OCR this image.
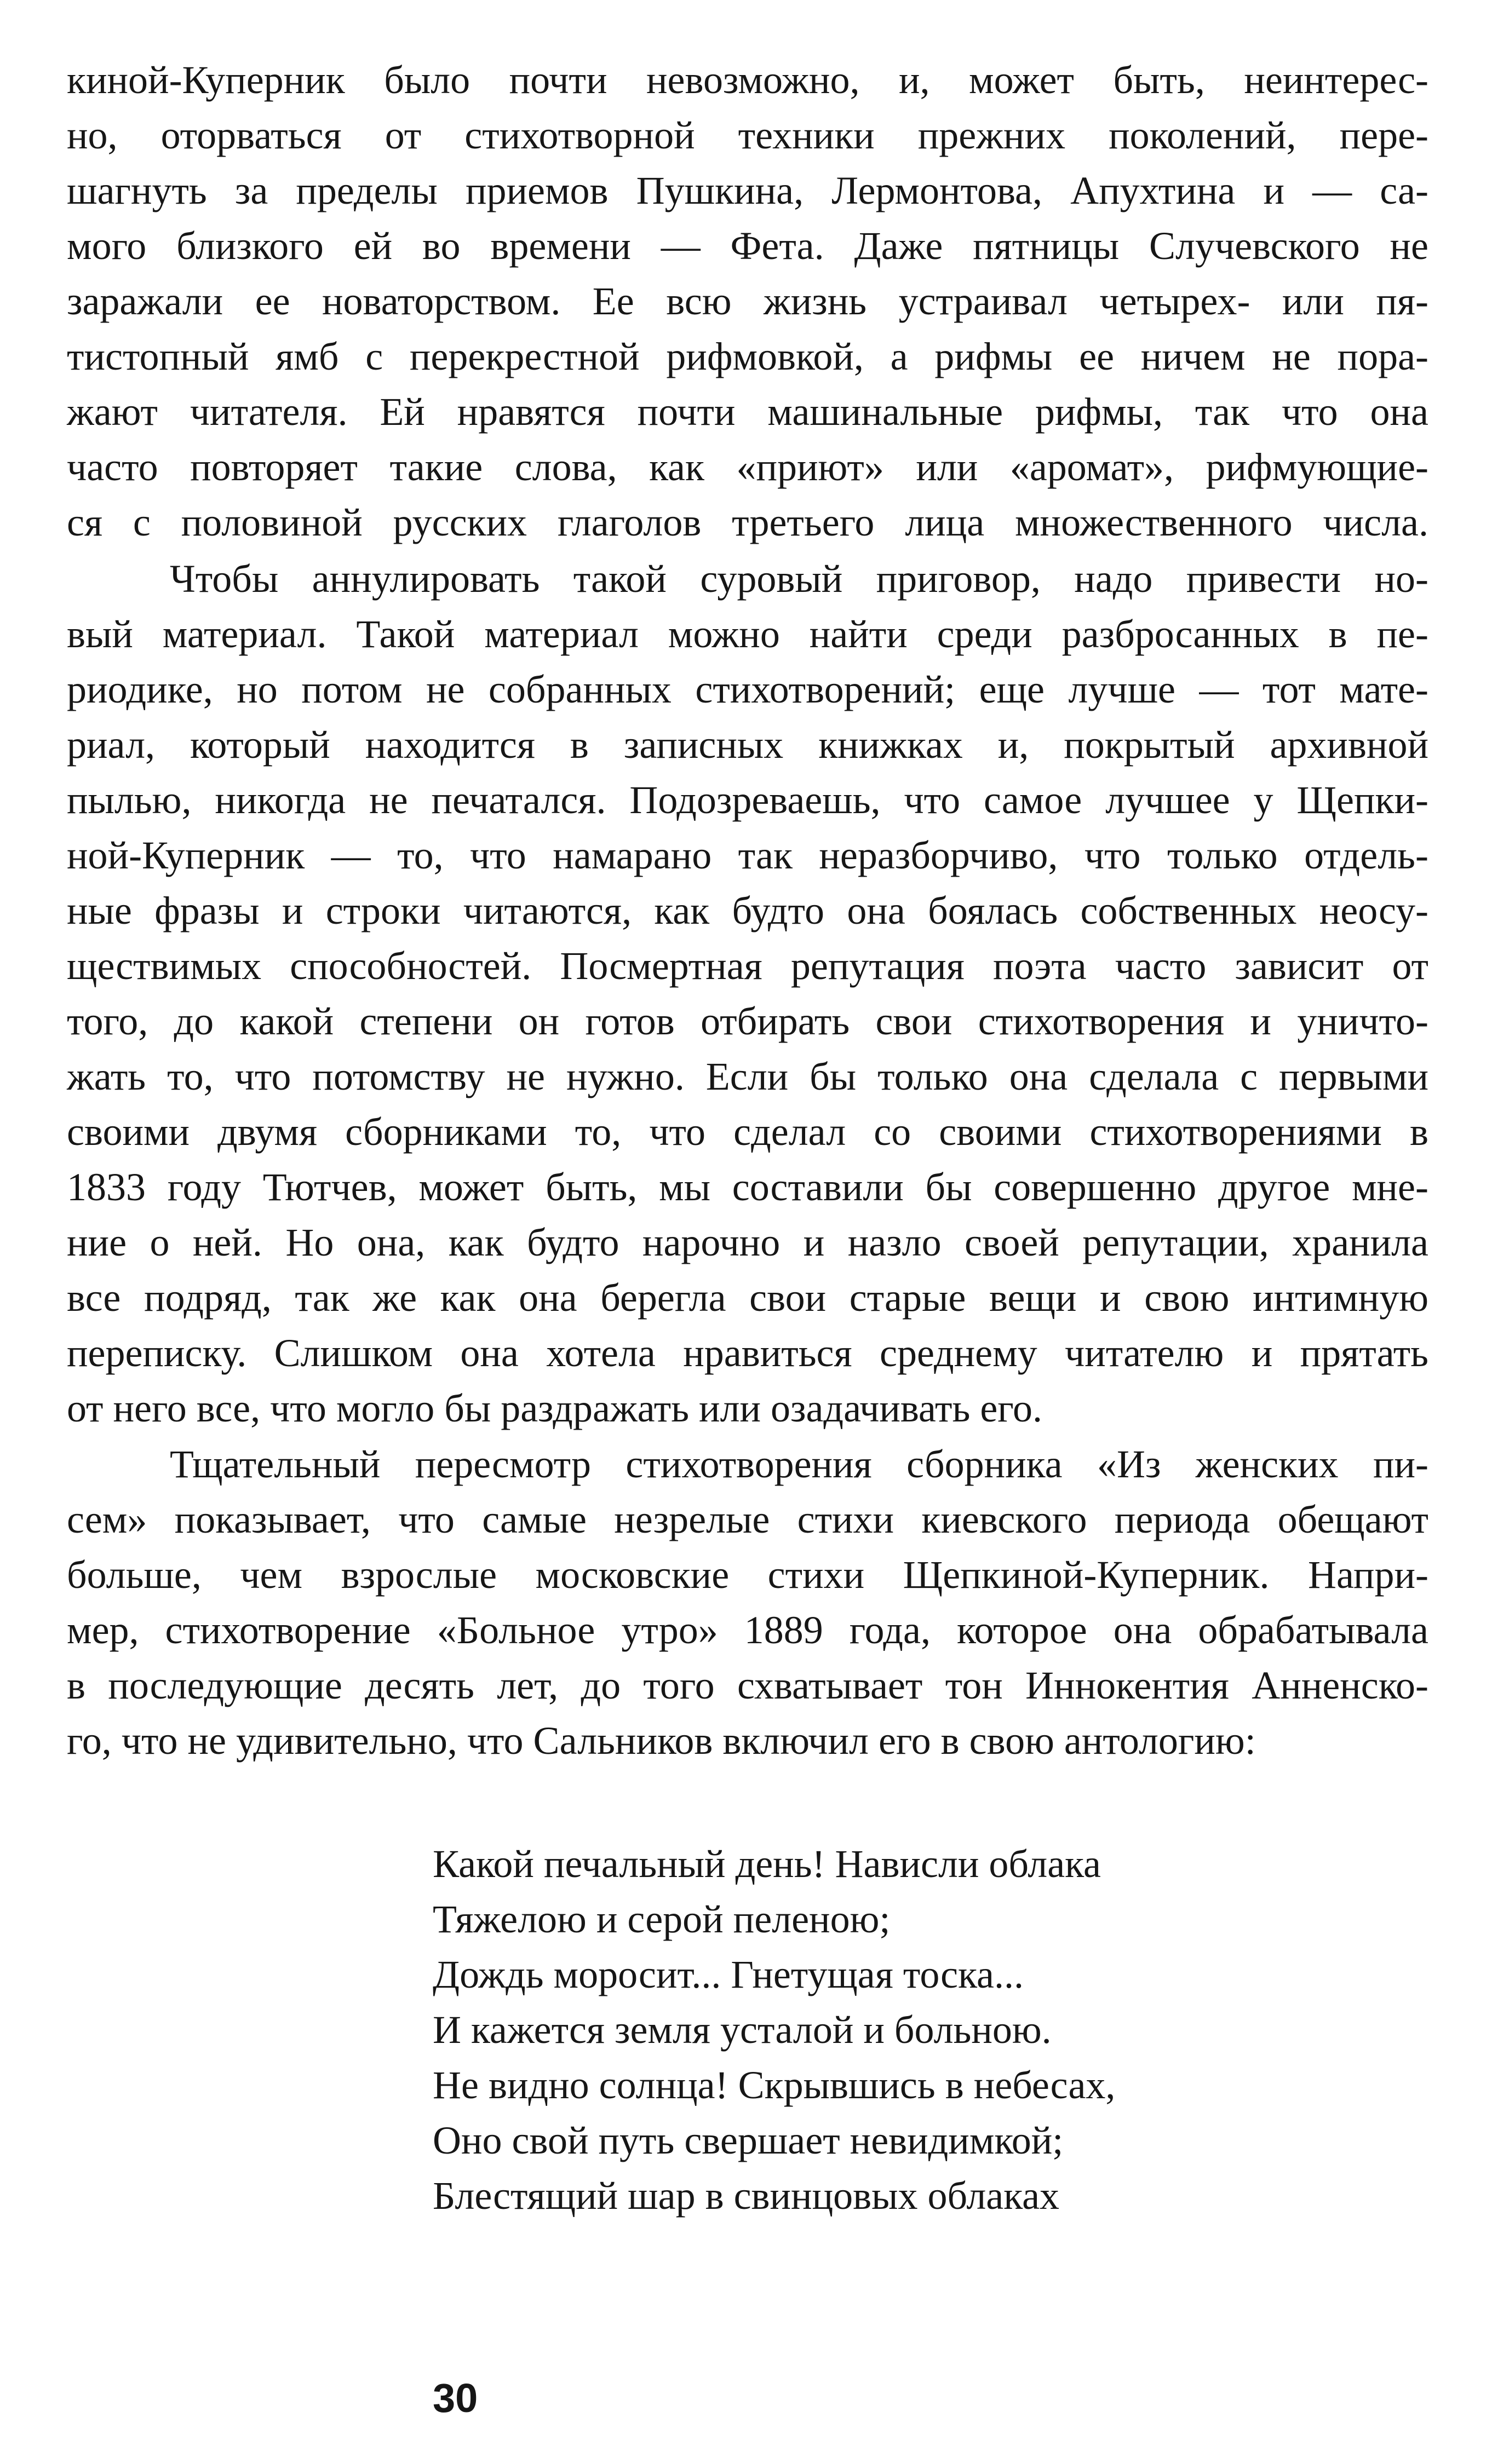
киной-Куперник было почти невозможно, и, может быть, неинтерес-
но, оторваться от стихотворной техники прежних поколений, пере-
шагнуть за пределы приемов Пушкина, Лермонтова, Апухтина и — са-
мого близкого ей во времени — Фета. Даже пятницы Случевского не
заражали ее новаторством. Ее всю жизнь устраивал четырех- или пя-
тистопный ямб с перекрестной рифмовкой, а рифмы ее ничем не пора-
жают читателя. Ей нравятся почти машинальные рифмы, так что она
часто повторяет такие слова, как «приют» или «аромат», рифмующие-
ся с половиной русских глаголов третьего лица множественного числа.
Чтобы аннулировать такой суровый приговор, надо привести но-
вый материал. Такой материал можно найти среди разбросанных в пе-
риодике, но потом не собранных стихотворений; еще лучше — тот мате-
риал, который находится в записных книжках и, покрытый архивной
пылью, никогда не печатался. Подозреваешь, что самое лучшее у Щепки-
ной-Куперник — то, что намарано так неразборчиво, что только отдель-
ные фразы и строки читаются, как будто она боялась собственных неосу-
ществимых способностей. Посмертная репутация поэта часто зависит от
того, до какой степени он готов отбирать свои стихотворения и уничто-
жать то, что потомству не нужно. Если бы только она сделала с первыми
своими двумя сборниками то, что сделал со своими стихотворениями в
1833 году Тютчев, может быть, мы составили бы совершенно другое мне-
ние о ней. Но она, как будто нарочно и назло своей репутации, хранила
все подряд, так же как она берегла свои старые вещи и свою интимную
переписку. Слишком она хотела нравиться среднему читателю и прятать
от него все, что могло бы раздражать или озадачивать его.
Тщательный пересмотр стихотворения сборника «Из женских пи-
сем» показывает, что самые незрелые стихи киевского периода обещают
больше, чем взрослые московские стихи Щепкиной-Куперник. Напри-
мер, стихотворение «Больное утро» 1889 года, которое она обрабатывала
в последующие десять лет, до того схватывает тон Иннокентия Анненско-
го, что не удивительно, что Сальников включил его в свою антологию:
Какой печальный день! Нависли облака
Тяжелою и серой пеленою;
Дождь моросит... Гнетущая тоска...
И кажется земля усталой и больною.
Не видно солнца! Скрывшись в небесах,
Оно свой путь свершает невидимкой;
Блестящий шар в свинцовых облаках
30
